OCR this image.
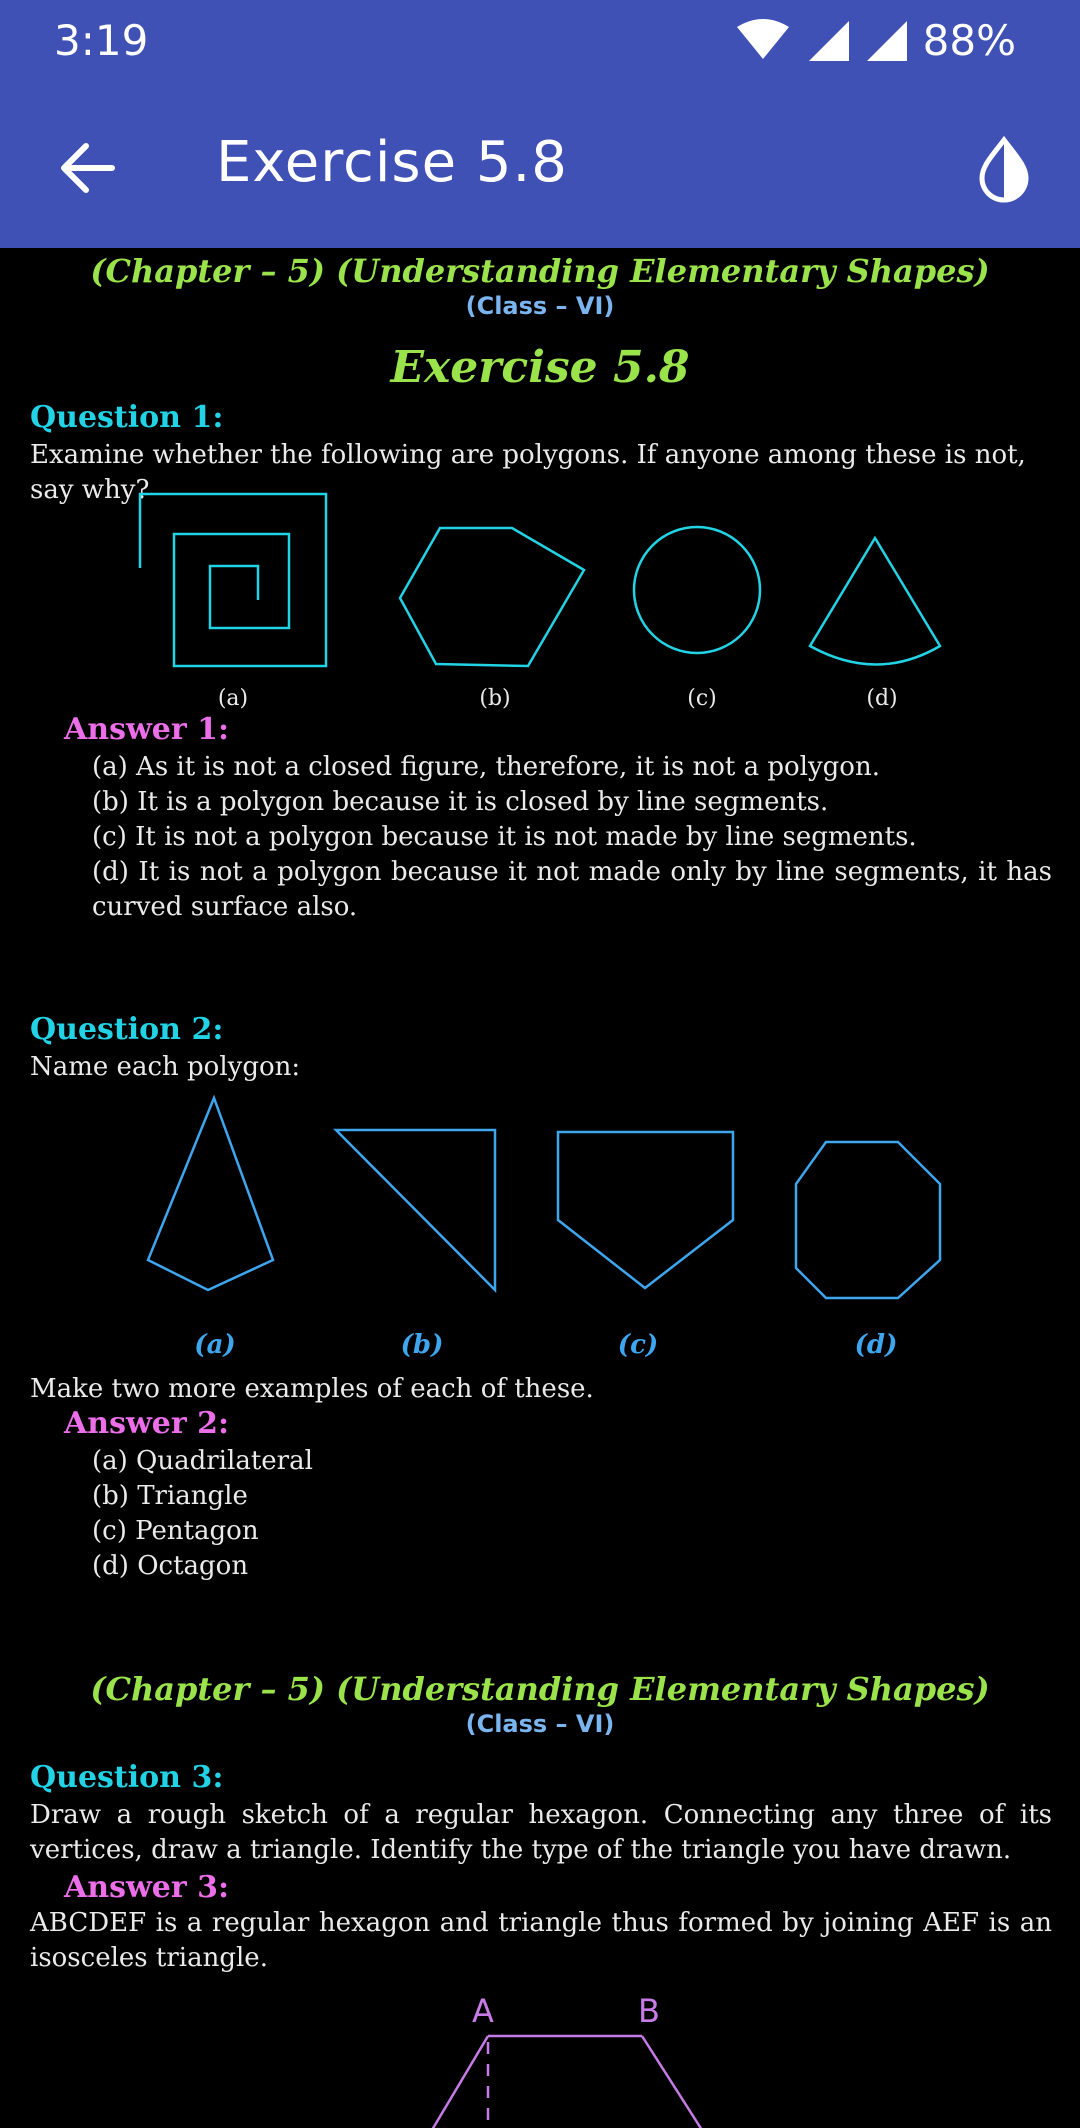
3:19	88%
Exercise 5.8
(Chapter – 5) (Understanding Elementary Shapes)
(Class – VI)
Exercise 5.8
Question 1:
Examine whether the following are polygons. If anyone among these is not, say why?
(a)	(b)	(c)	(d)
Answer 1:
(a) As it is not a closed figure, therefore, it is not a polygon.
(b) It is a polygon because it is closed by line segments.
(c) It is not a polygon because it is not made by line segments.
(d) It is not a polygon because it not made only by line segments, it has curved surface also.
Question 2:
Name each polygon:
(a)	(b)	(c)	(d)
Make two more examples of each of these.
Answer 2:
(a) Quadrilateral
(b) Triangle
(c) Pentagon
(d) Octagon
(Chapter – 5) (Understanding Elementary Shapes)
(Class – VI)
Question 3:
Draw a rough sketch of a regular hexagon. Connecting any three of its vertices, draw a triangle. Identify the type of the triangle you have drawn.
Answer 3:
ABCDEF is a regular hexagon and triangle thus formed by joining AEF is an isosceles triangle.
A	B
